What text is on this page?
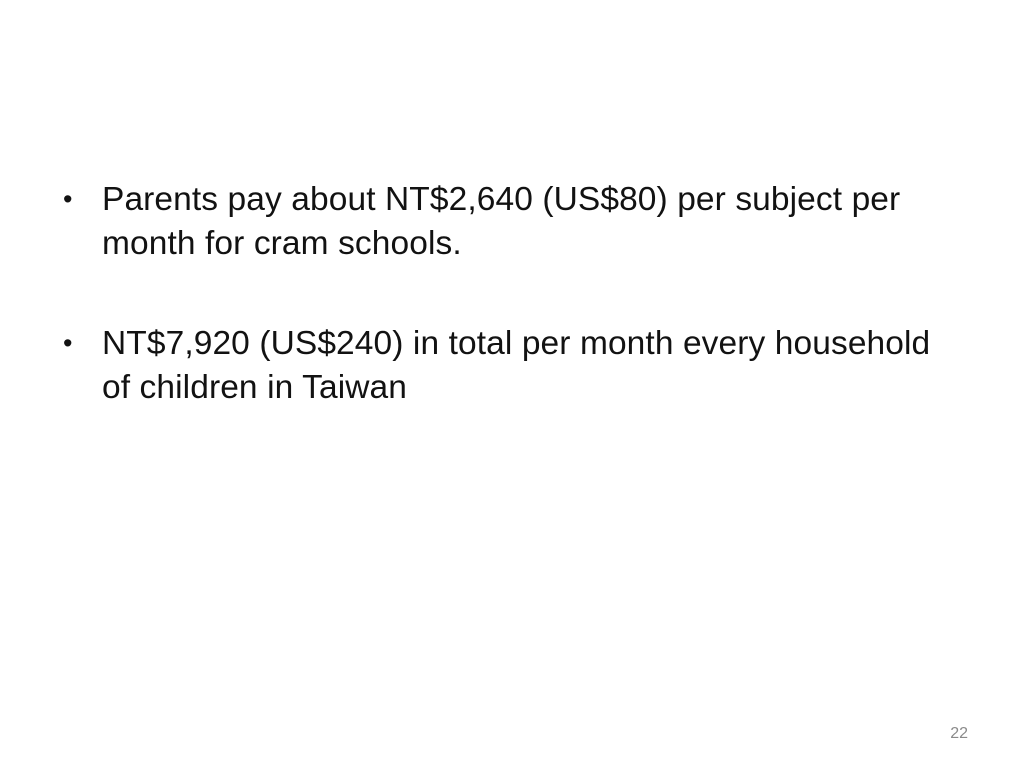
• Parents pay about NT$2,640 (US$80) per subject per month for cram schools.
• NT$7,920 (US$240) in total per month every household of children in Taiwan
22
